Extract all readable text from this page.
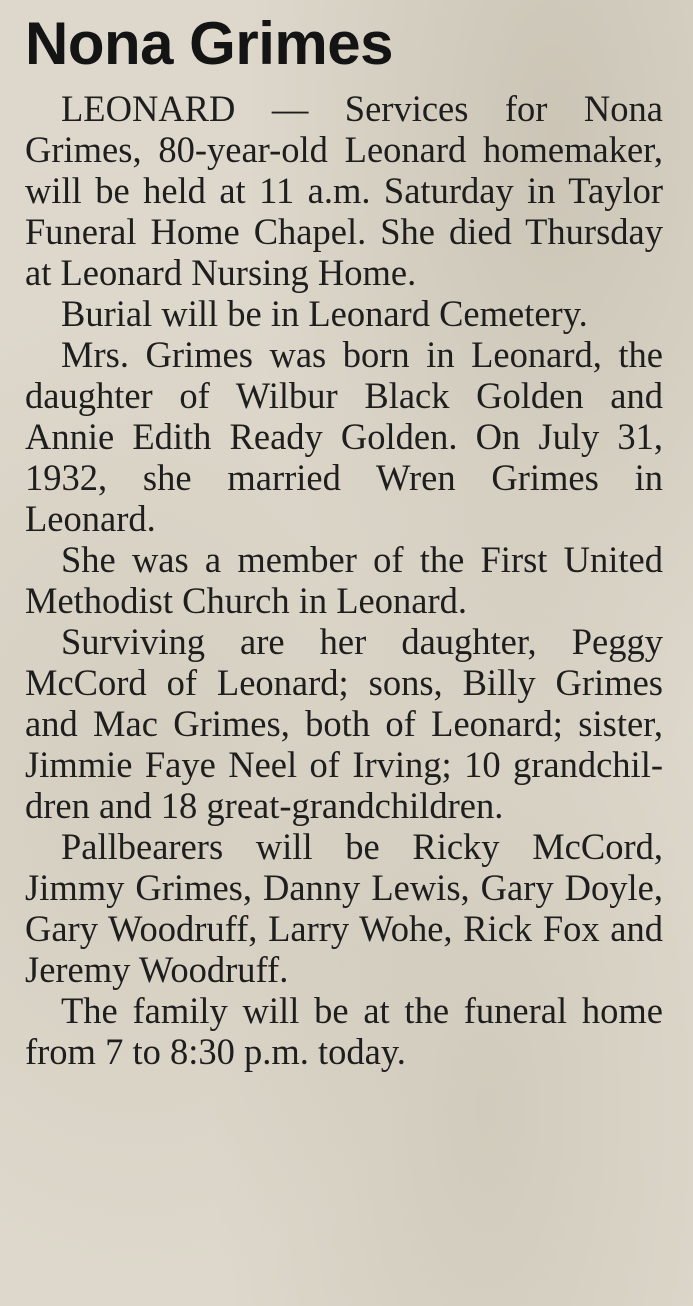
Nona Grimes

LEONARD — Services for Nona Grimes, 80-year-old Leonard homemaker, will be held at 11 a.m. Saturday in Taylor Funeral Home Chapel. She died Thursday at Leonard Nursing Home.

Burial will be in Leonard Cemetery.

Mrs. Grimes was born in Leonard, the daughter of Wilbur Black Golden and Annie Edith Ready Golden. On July 31, 1932, she married Wren Grimes in Leonard.

She was a member of the First United Methodist Church in Leonard.

Surviving are her daughter, Peggy McCord of Leonard; sons, Billy Grimes and Mac Grimes, both of Leonard; sister, Jimmie Faye Neel of Irving; 10 grandchildren and 18 great-grandchildren.

Pallbearers will be Ricky McCord, Jimmy Grimes, Danny Lewis, Gary Doyle, Gary Woodruff, Larry Wohe, Rick Fox and Jeremy Woodruff.

The family will be at the funeral home from 7 to 8:30 p.m. today.
